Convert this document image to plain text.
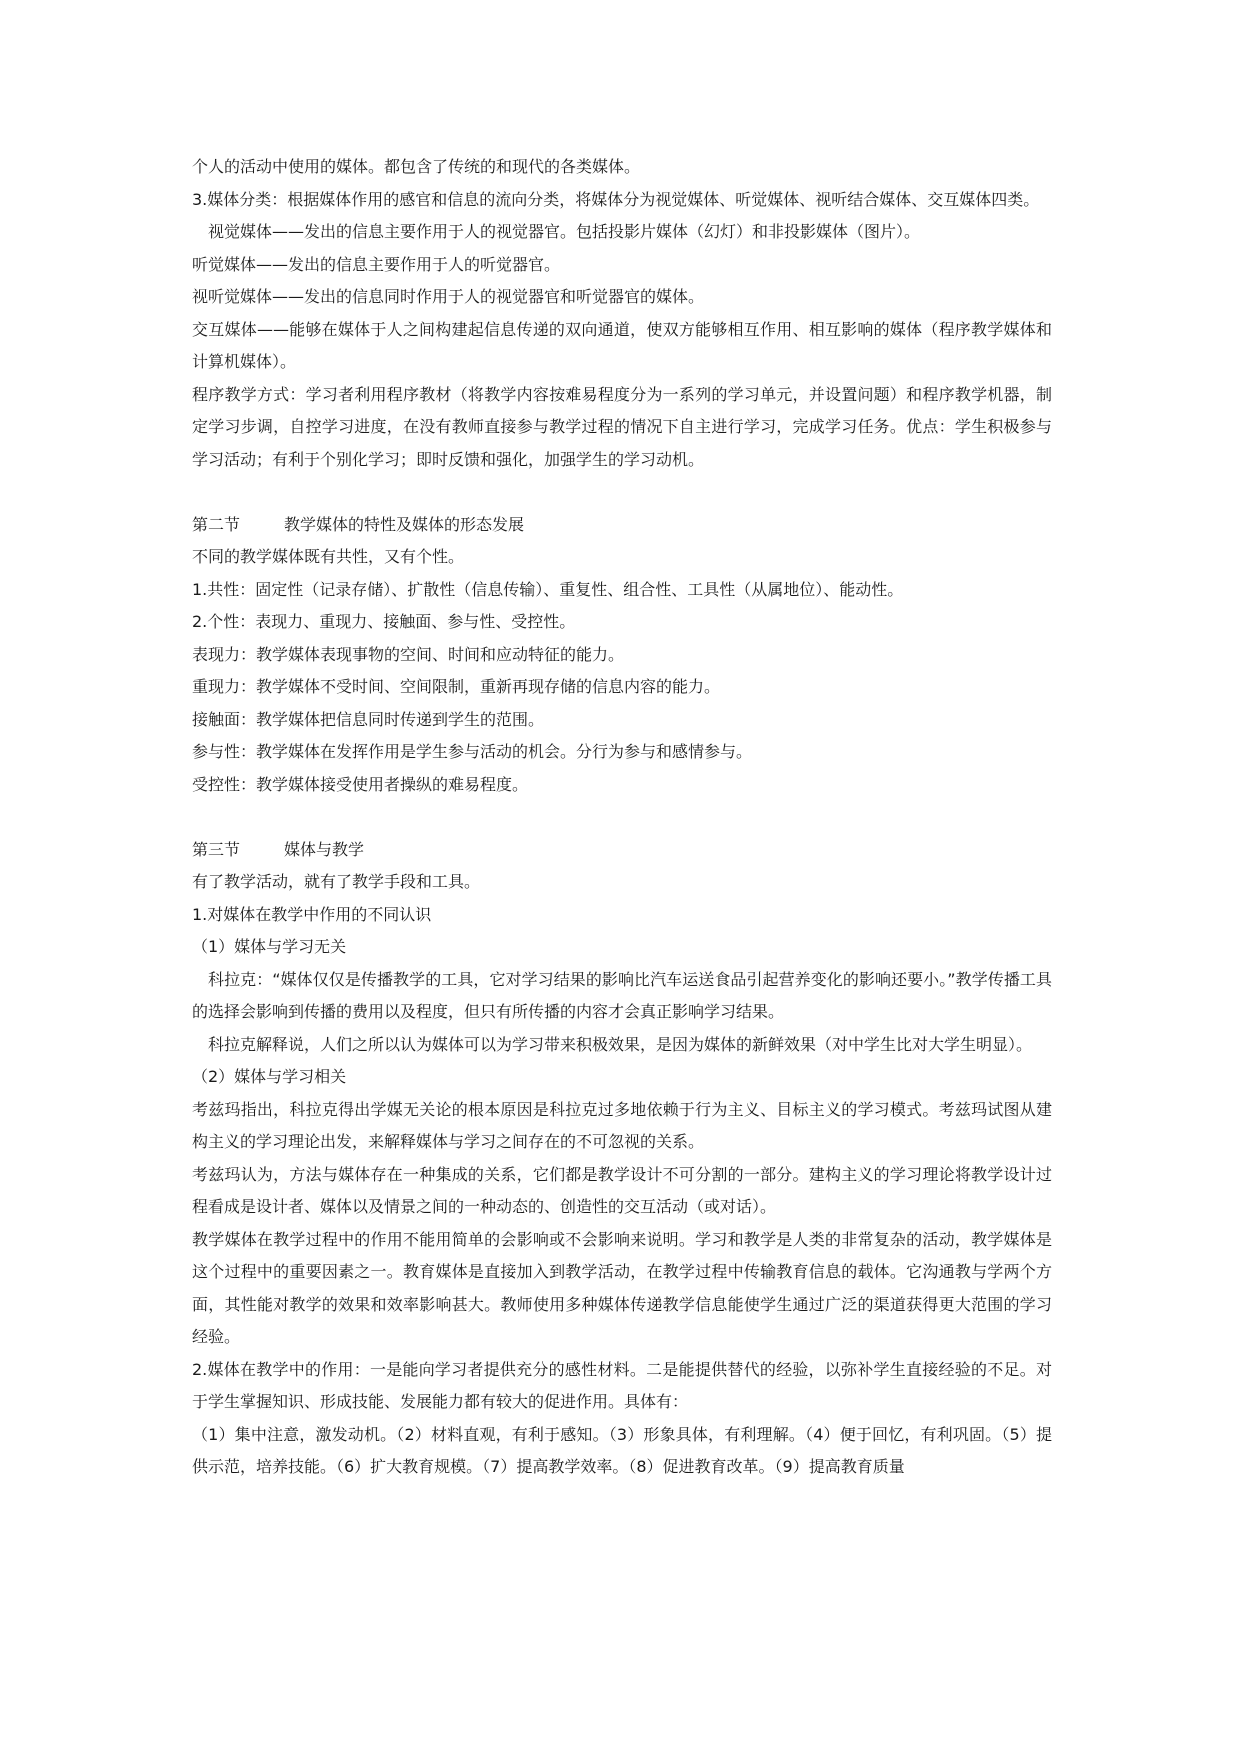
个人的活动中使用的媒体。都包含了传统的和现代的各类媒体。

3.媒体分类：根据媒体作用的感官和信息的流向分类，将媒体分为视觉媒体、听觉媒体、视听结合媒体、交互媒体四类。

视觉媒体——发出的信息主要作用于人的视觉器官。包括投影片媒体（幻灯）和非投影媒体（图片）。

听觉媒体——发出的信息主要作用于人的听觉器官。

视听觉媒体——发出的信息同时作用于人的视觉器官和听觉器官的媒体。

交互媒体——能够在媒体于人之间构建起信息传递的双向通道，使双方能够相互作用、相互影响的媒体（程序教学媒体和计算机媒体）。

程序教学方式：学习者利用程序教材（将教学内容按难易程度分为一系列的学习单元，并设置问题）和程序教学机器，制定学习步调，自控学习进度，在没有教师直接参与教学过程的情况下自主进行学习，完成学习任务。优点：学生积极参与学习活动；有利于个别化学习；即时反馈和强化，加强学生的学习动机。

第二节	教学媒体的特性及媒体的形态发展

不同的教学媒体既有共性，又有个性。

1.共性：固定性（记录存储）、扩散性（信息传输）、重复性、组合性、工具性（从属地位）、能动性。

2.个性：表现力、重现力、接触面、参与性、受控性。

表现力：教学媒体表现事物的空间、时间和应动特征的能力。

重现力：教学媒体不受时间、空间限制，重新再现存储的信息内容的能力。

接触面：教学媒体把信息同时传递到学生的范围。

参与性：教学媒体在发挥作用是学生参与活动的机会。分行为参与和感情参与。

受控性：教学媒体接受使用者操纵的难易程度。

第三节	媒体与教学

有了教学活动，就有了教学手段和工具。

1.对媒体在教学中作用的不同认识

（1）媒体与学习无关

科拉克：“媒体仅仅是传播教学的工具，它对学习结果的影响比汽车运送食品引起营养变化的影响还要小。”教学传播工具的选择会影响到传播的费用以及程度，但只有所传播的内容才会真正影响学习结果。

科拉克解释说，人们之所以认为媒体可以为学习带来积极效果，是因为媒体的新鲜效果（对中学生比对大学生明显）。

（2）媒体与学习相关

考兹玛指出，科拉克得出学媒无关论的根本原因是科拉克过多地依赖于行为主义、目标主义的学习模式。考兹玛试图从建构主义的学习理论出发，来解释媒体与学习之间存在的不可忽视的关系。

考兹玛认为，方法与媒体存在一种集成的关系，它们都是教学设计不可分割的一部分。建构主义的学习理论将教学设计过程看成是设计者、媒体以及情景之间的一种动态的、创造性的交互活动（或对话）。

教学媒体在教学过程中的作用不能用简单的会影响或不会影响来说明。学习和教学是人类的非常复杂的活动，教学媒体是这个过程中的重要因素之一。教育媒体是直接加入到教学活动，在教学过程中传输教育信息的载体。它沟通教与学两个方面，其性能对教学的效果和效率影响甚大。教师使用多种媒体传递教学信息能使学生通过广泛的渠道获得更大范围的学习经验。

2.媒体在教学中的作用：一是能向学习者提供充分的感性材料。二是能提供替代的经验，以弥补学生直接经验的不足。对于学生掌握知识、形成技能、发展能力都有较大的促进作用。具体有：

（1）集中注意，激发动机。（2）材料直观，有利于感知。（3）形象具体，有利理解。（4）便于回忆，有利巩固。（5）提供示范，培养技能。（6）扩大教育规模。（7）提高教学效率。（8）促进教育改革。（9）提高教育质量
